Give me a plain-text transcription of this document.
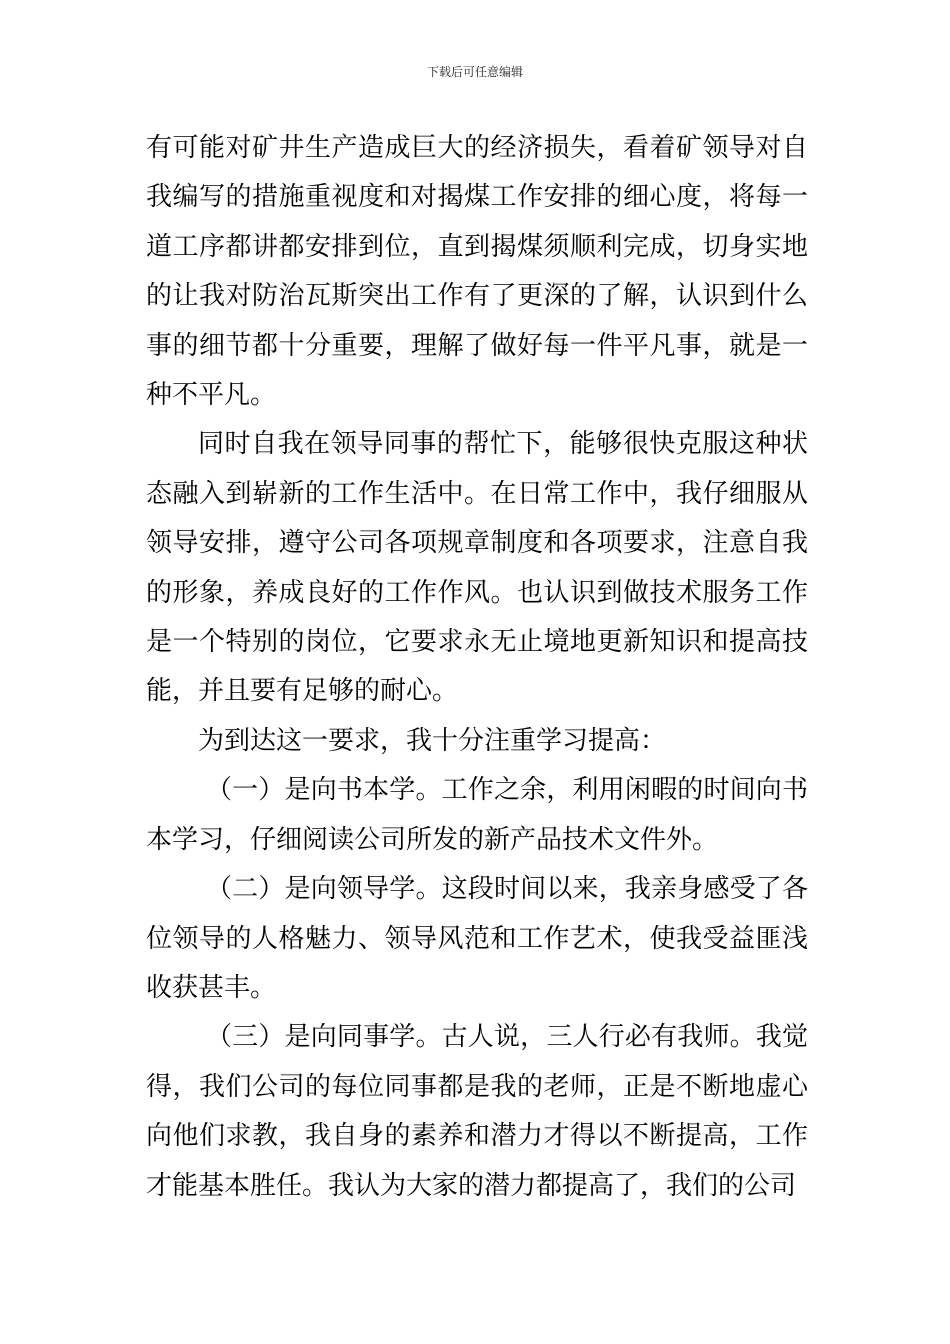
下载后可任意编辑

有可能对矿井生产造成巨大的经济损失，看着矿领导对自我编写的措施重视度和对揭煤工作安排的细心度，将每一道工序都讲都安排到位，直到揭煤须顺利完成，切身实地的让我对防治瓦斯突出工作有了更深的了解，认识到什么事的细节都十分重要，理解了做好每一件平凡事，就是一种不平凡。

同时自我在领导同事的帮忙下，能够很快克服这种状态融入到崭新的工作生活中。在日常工作中，我仔细服从领导安排，遵守公司各项规章制度和各项要求，注意自我的形象，养成良好的工作作风。也认识到做技术服务工作是一个特别的岗位，它要求永无止境地更新知识和提高技能，并且要有足够的耐心。

为到达这一要求，我十分注重学习提高：

（一）是向书本学。工作之余，利用闲暇的时间向书本学习，仔细阅读公司所发的新产品技术文件外。

（二）是向领导学。这段时间以来，我亲身感受了各位领导的人格魅力、领导风范和工作艺术，使我受益匪浅收获甚丰。

（三）是向同事学。古人说，三人行必有我师。我觉得，我们公司的每位同事都是我的老师，正是不断地虚心向他们求教，我自身的素养和潜力才得以不断提高，工作才能基本胜任。我认为大家的潜力都提高了，我们的公司
